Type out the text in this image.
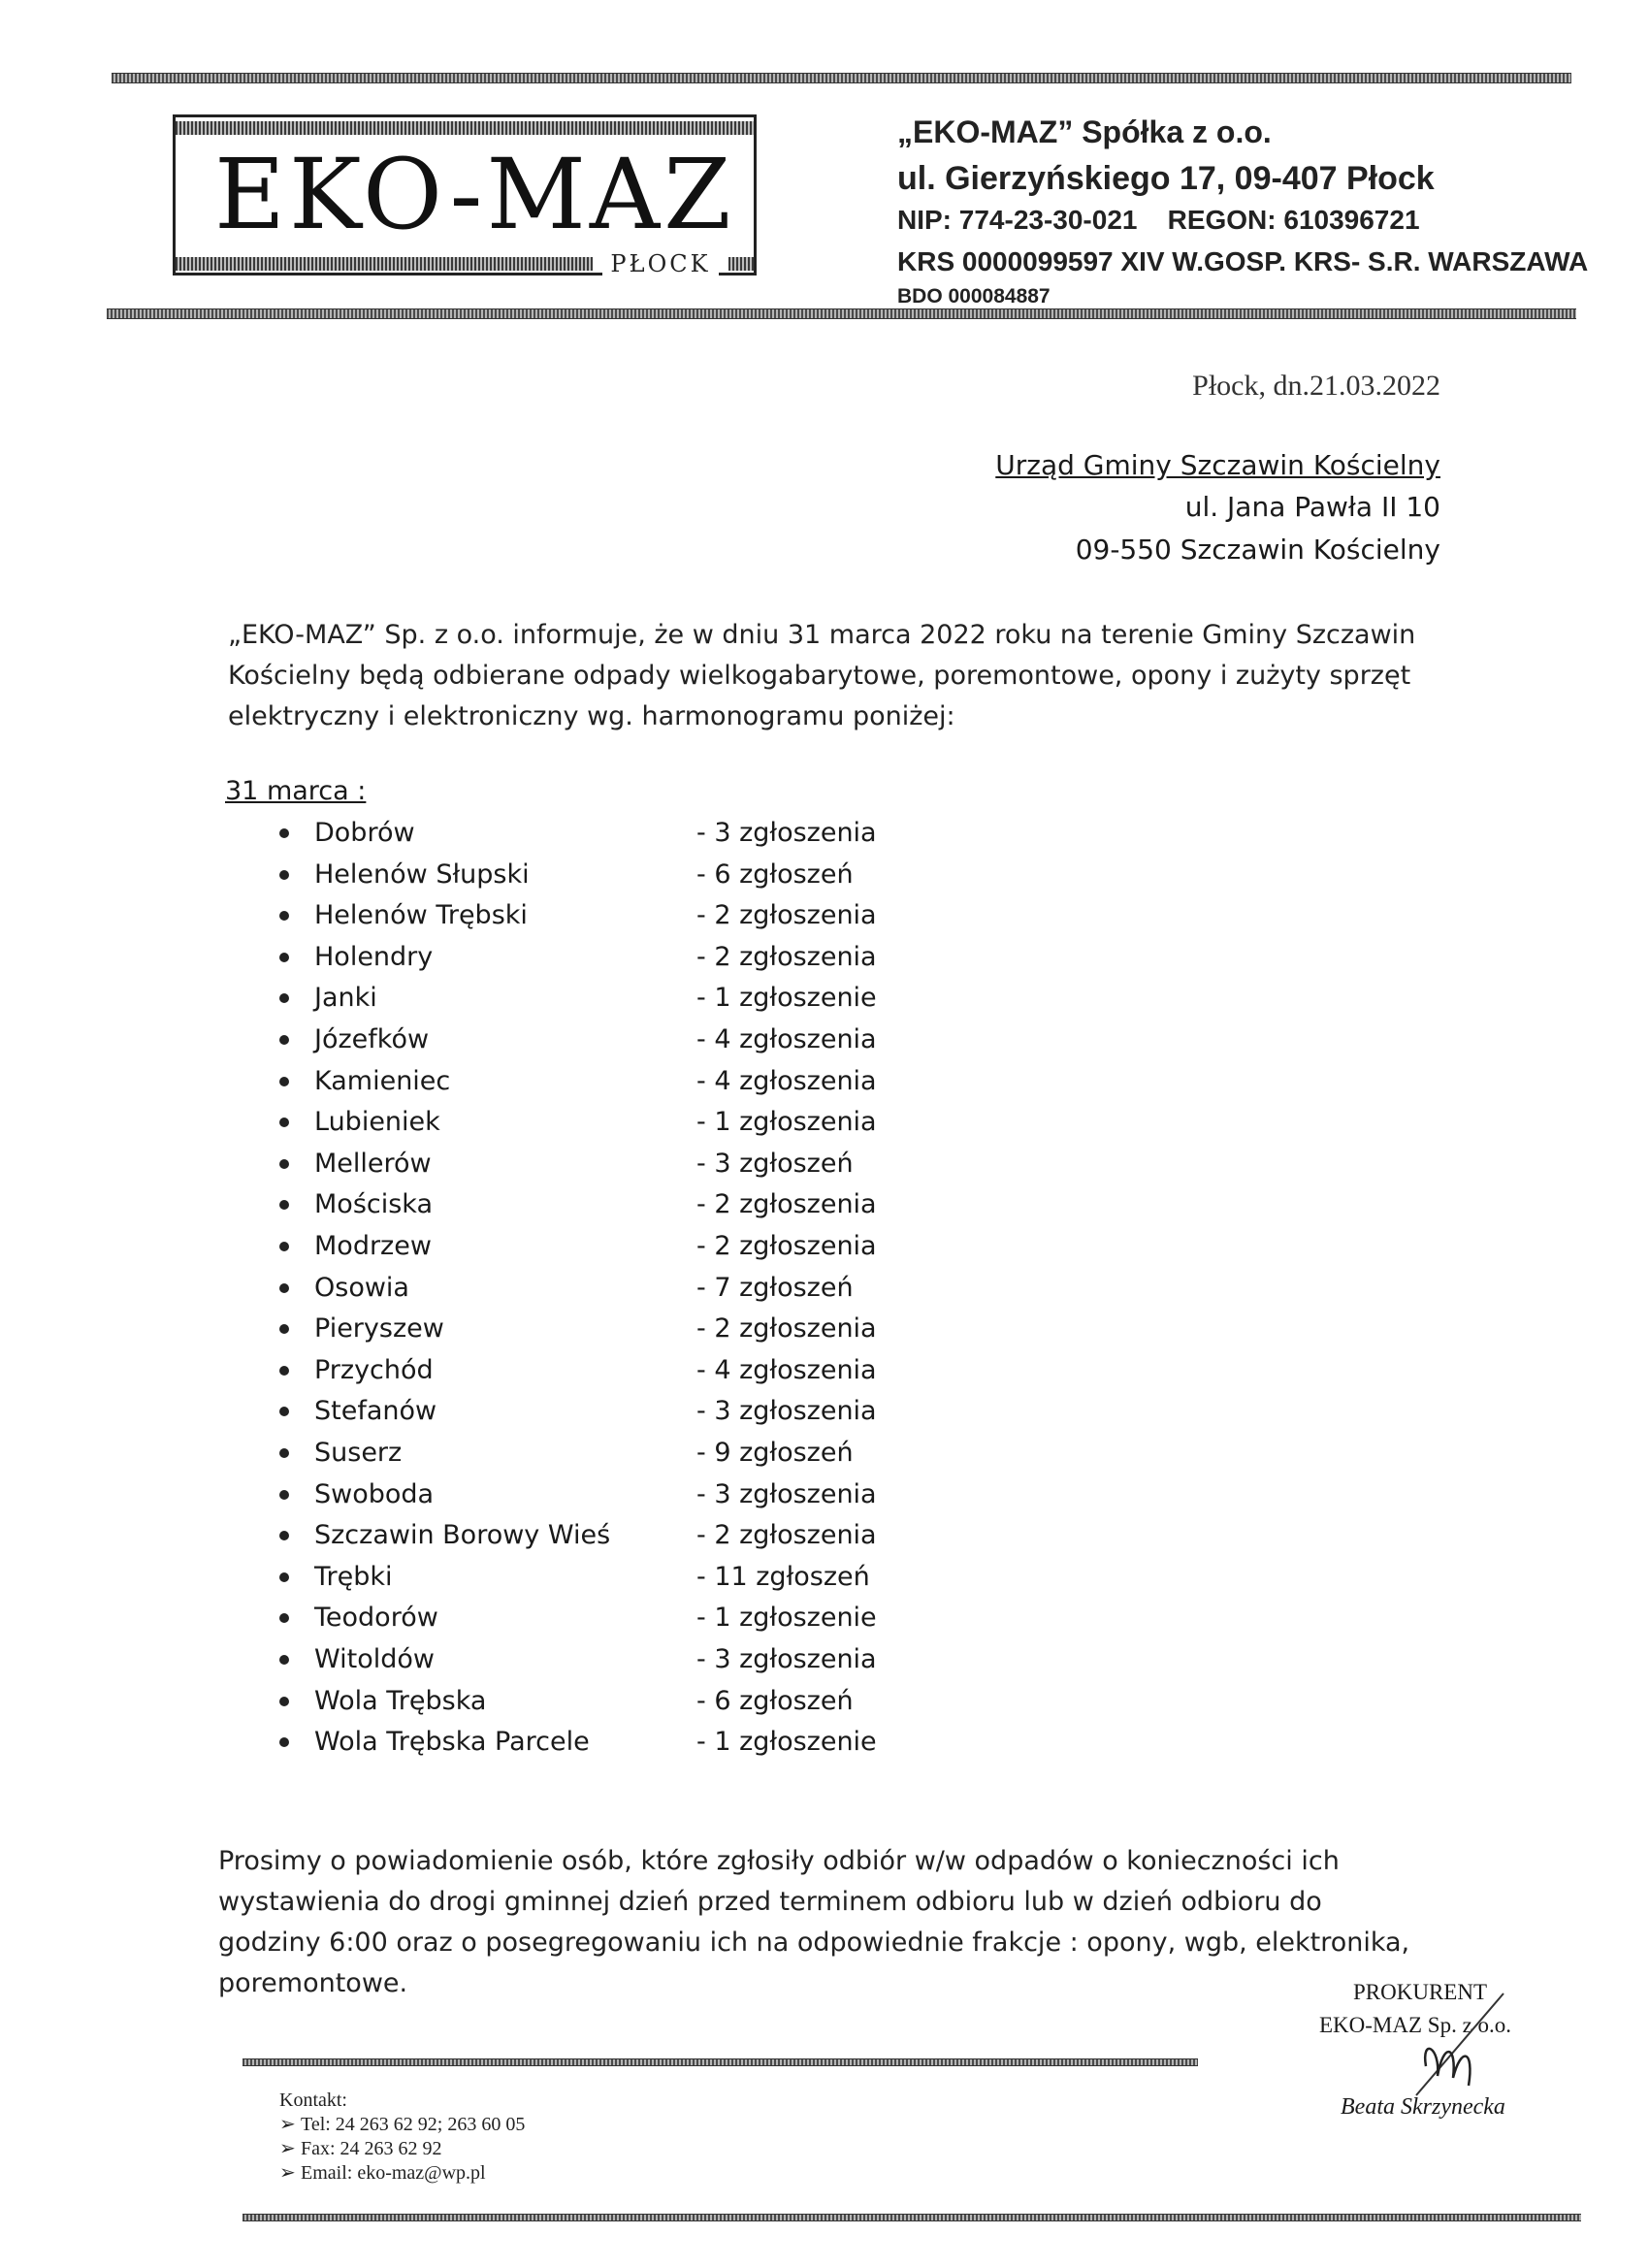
EKO-MAZ
PŁOCK
„EKO-MAZ” Spółka z o.o.
ul. Gierzyńskiego 17, 09-407 Płock
NIP: 774-23-30-021    REGON: 610396721
KRS 0000099597 XIV W.GOSP. KRS- S.R. WARSZAWA
BDO 000084887
Płock, dn.21.03.2022
Urząd Gminy Szczawin Kościelny
ul. Jana Pawła II 10
09-550 Szczawin Kościelny
„EKO-MAZ” Sp. z o.o. informuje, że w dniu 31 marca 2022 roku na terenie Gminy Szczawin Kościelny będą odbierane odpady wielkogabarytowe, poremontowe, opony i zużyty sprzęt elektryczny i elektroniczny wg. harmonogramu poniżej:
31 marca :
Dobrów	- 3 zgłoszenia
Helenów Słupski	- 6 zgłoszeń
Helenów Trębski	- 2 zgłoszenia
Holendry	- 2 zgłoszenia
Janki	- 1 zgłoszenie
Józefków	- 4 zgłoszenia
Kamieniec	- 4 zgłoszenia
Lubieniek	- 1 zgłoszenia
Mellerów	- 3 zgłoszeń
Mościska	- 2 zgłoszenia
Modrzew	- 2 zgłoszenia
Osowia	- 7 zgłoszeń
Pieryszew	- 2 zgłoszenia
Przychód	- 4 zgłoszenia
Stefanów	- 3 zgłoszenia
Suserz	- 9 zgłoszeń
Swoboda	- 3 zgłoszenia
Szczawin Borowy Wieś	- 2 zgłoszenia
Trębki	- 11 zgłoszeń
Teodorów	- 1 zgłoszenie
Witoldów	- 3 zgłoszenia
Wola Trębska	- 6 zgłoszeń
Wola Trębska Parcele	- 1 zgłoszenie
Prosimy o powiadomienie osób, które zgłosiły odbiór w/w odpadów o konieczności ich wystawienia do drogi gminnej dzień przed terminem odbioru lub w dzień odbioru do godziny 6:00 oraz o posegregowaniu ich na odpowiednie frakcje : opony, wgb, elektronika, poremontowe.	PROKURENT
EKO-MAZ Sp. z o.o.
Beata Skrzynecka
Kontakt:
➢ Tel: 24 263 62 92; 263 60 05
➢ Fax: 24 263 62 92
➢ Email: eko-maz@wp.pl
